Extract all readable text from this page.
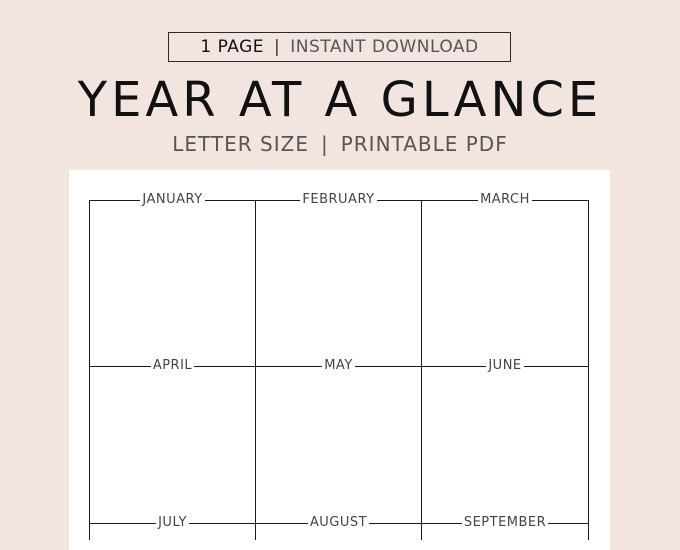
1 PAGE | INSTANT DOWNLOAD
YEAR AT A GLANCE
LETTER SIZE | PRINTABLE PDF
JANUARY	FEBRUARY	MARCH
APRIL	MAY	JUNE
JULY	AUGUST	SEPTEMBER
